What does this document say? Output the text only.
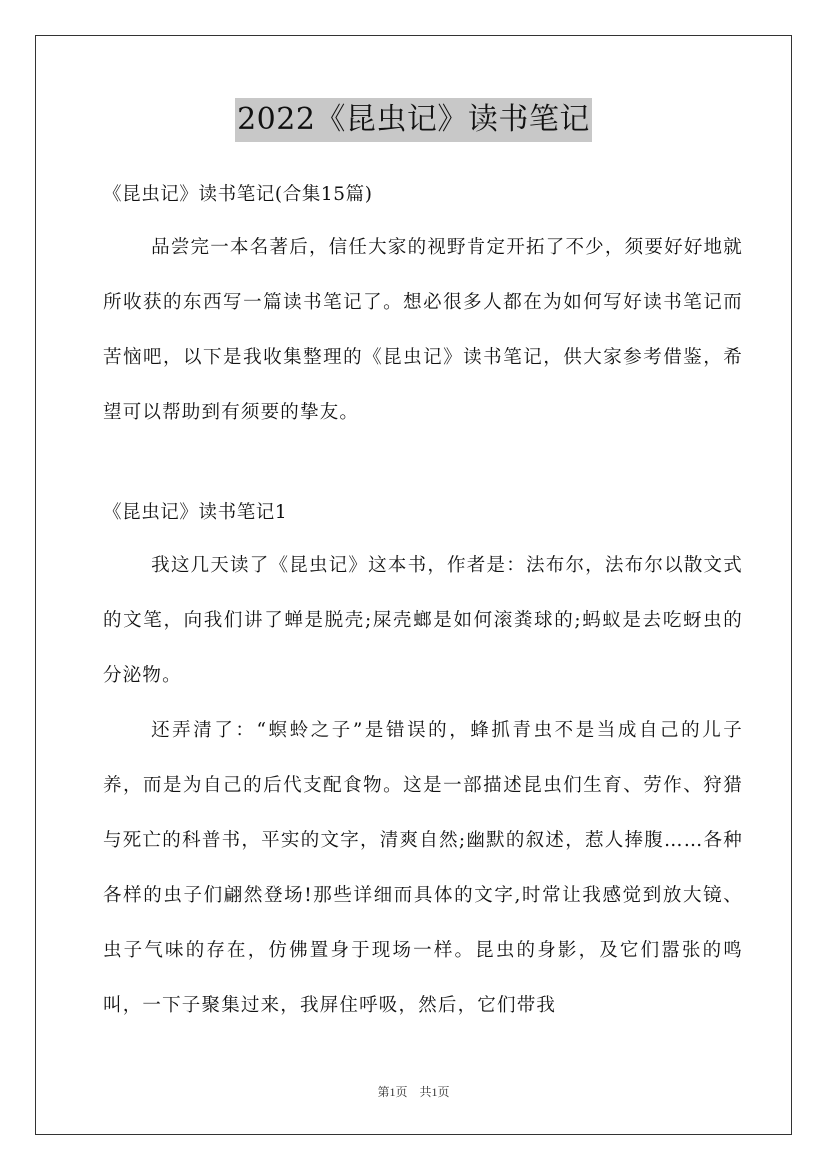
2022《昆虫记》读书笔记

《昆虫记》读书笔记(合集15篇)

品尝完一本名著后，信任大家的视野肯定开拓了不少，须要好好地就所收获的东西写一篇读书笔记了。想必很多人都在为如何写好读书笔记而苦恼吧，以下是我收集整理的《昆虫记》读书笔记，供大家参考借鉴，希望可以帮助到有须要的挚友。

《昆虫记》读书笔记1

我这几天读了《昆虫记》这本书，作者是：法布尔，法布尔以散文式的文笔，向我们讲了蝉是脱壳;屎壳螂是如何滚粪球的;蚂蚁是去吃蚜虫的分泌物。

还弄清了：“螟蛉之子”是错误的，蜂抓青虫不是当成自己的儿子养，而是为自己的后代支配食物。这是一部描述昆虫们生育、劳作、狩猎与死亡的科普书，平实的文字，清爽自然;幽默的叙述，惹人捧腹……各种各样的虫子们翩然登场!那些详细而具体的文字,时常让我感觉到放大镜、虫子气味的存在，仿佛置身于现场一样。昆虫的身影，及它们嚣张的鸣叫，一下子聚集过来，我屏住呼吸，然后，它们带我

第1页　共1页
